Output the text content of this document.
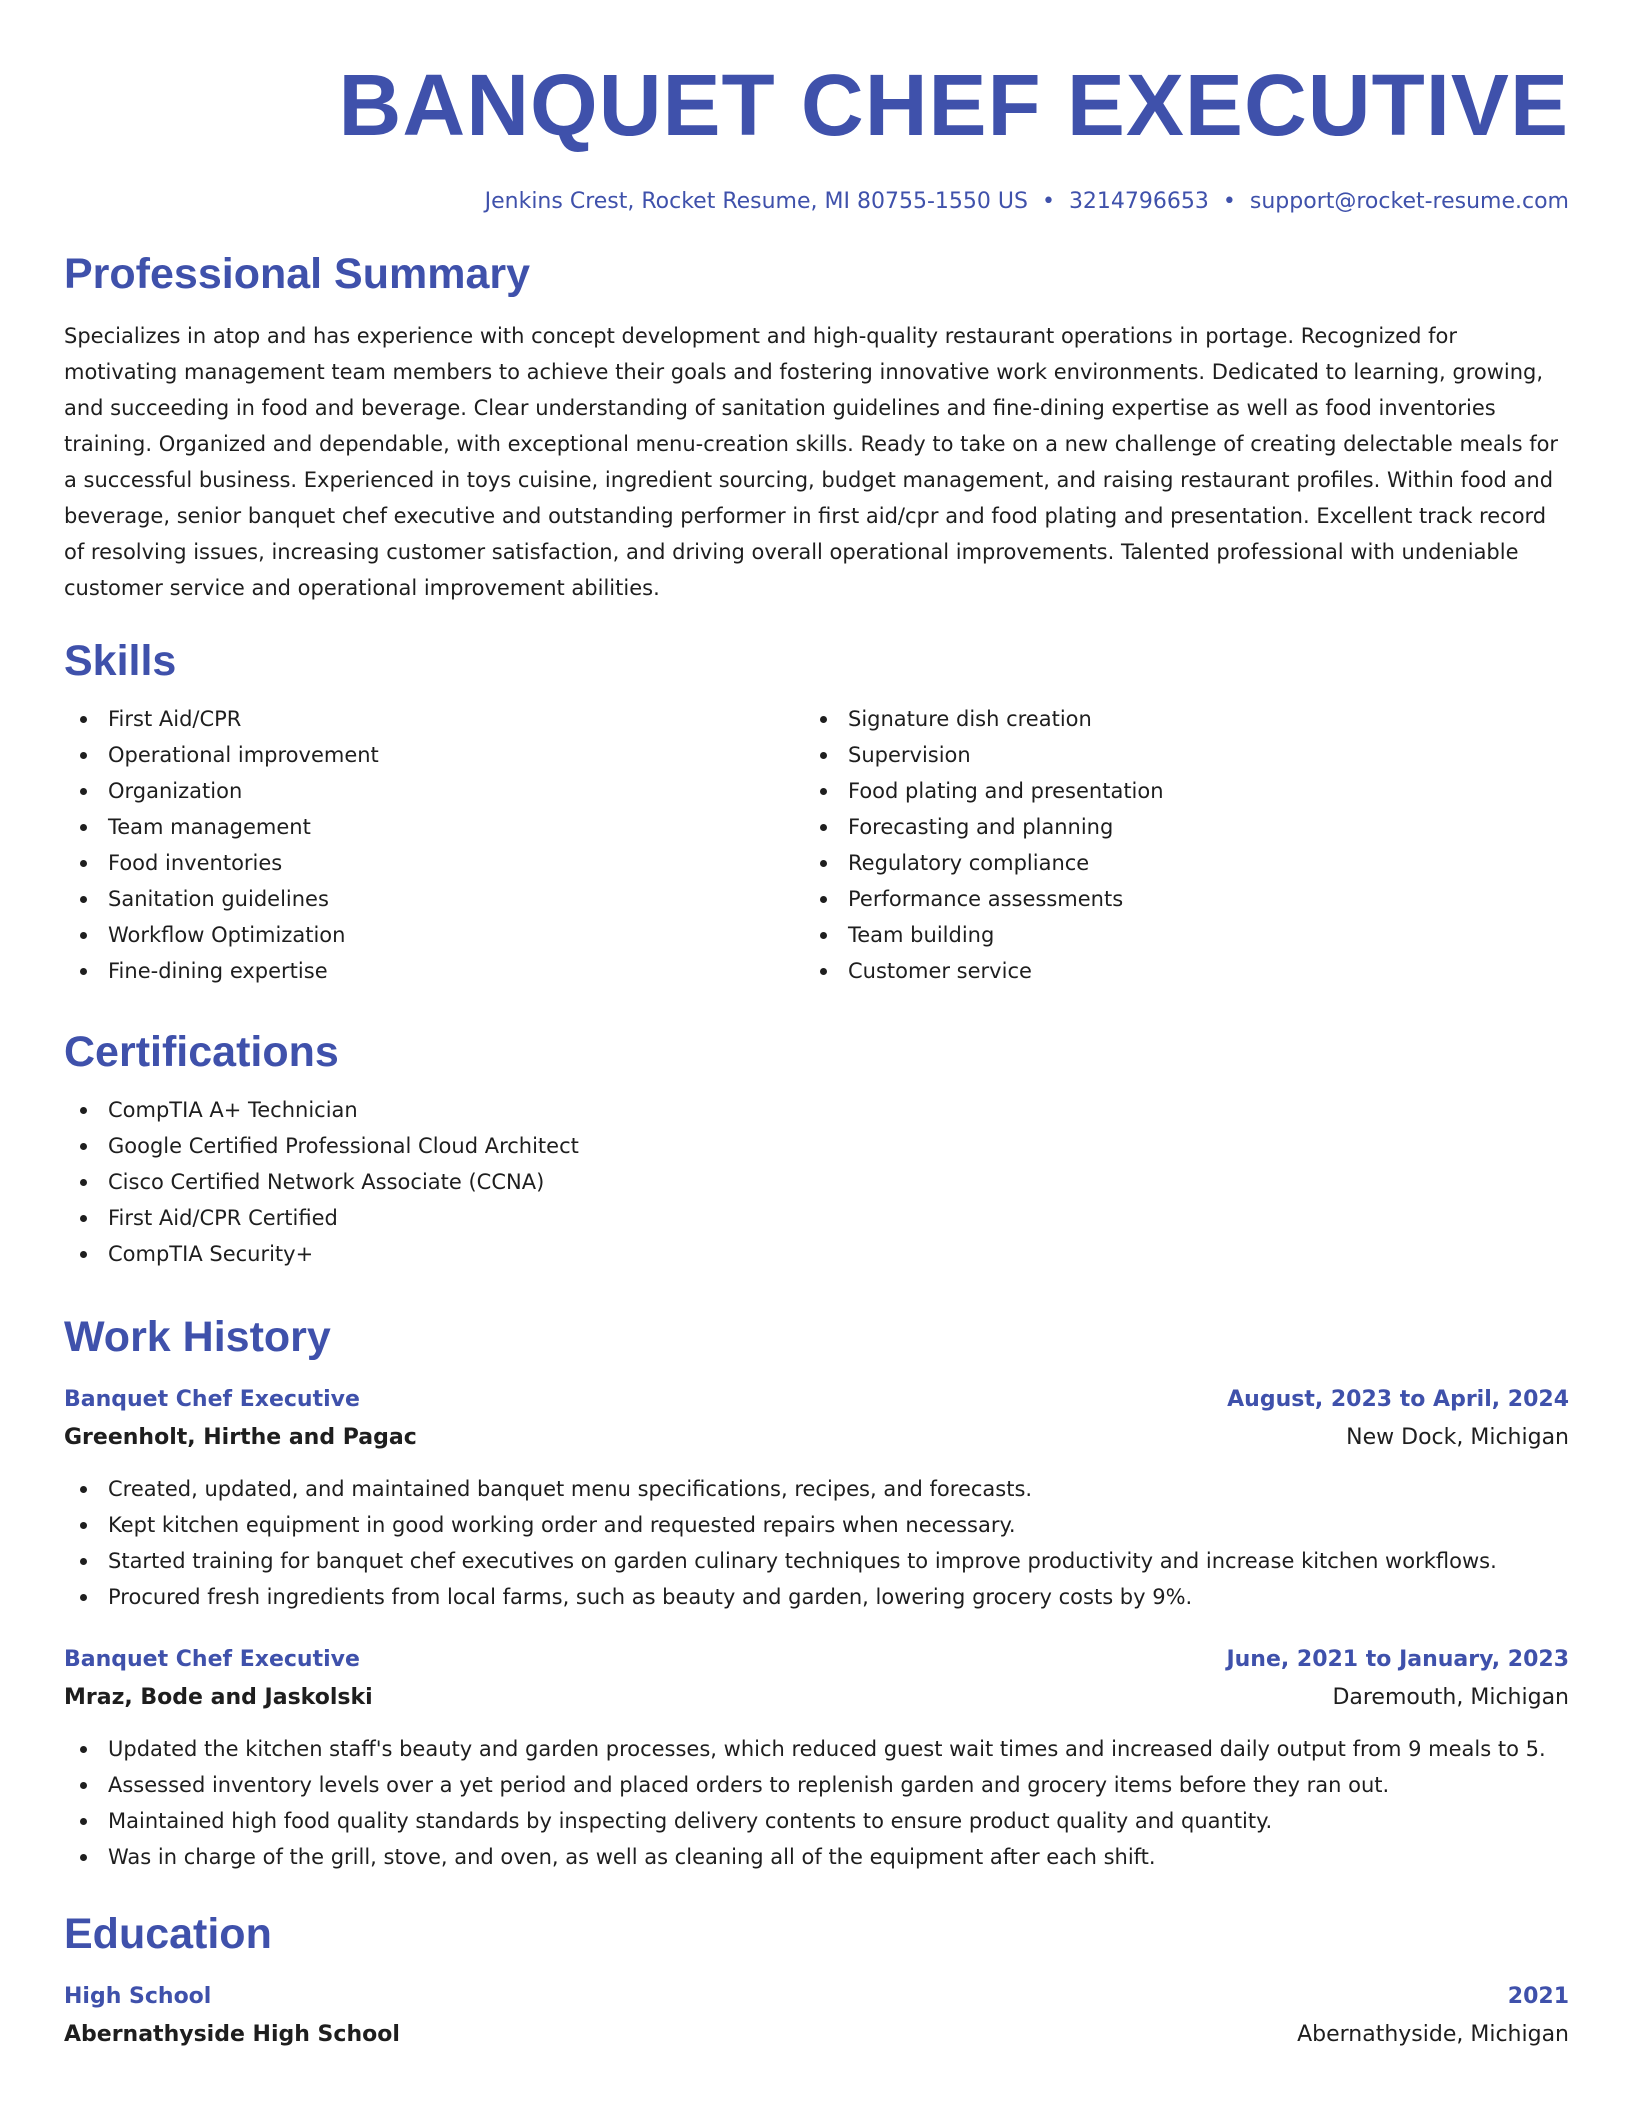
BANQUET CHEF EXECUTIVE
Jenkins Crest, Rocket Resume, MI 80755-1550 US • 3214796653 • support@rocket-resume.com
Professional Summary

Specializes in atop and has experience with concept development and high-quality restaurant operations in portage. Recognized for motivating management team members to achieve their goals and fostering innovative work environments. Dedicated to learning, growing, and succeeding in food and beverage. Clear understanding of sanitation guidelines and fine-dining expertise as well as food inventories training. Organized and dependable, with exceptional menu-creation skills. Ready to take on a new challenge of creating delectable meals for a successful business. Experienced in toys cuisine, ingredient sourcing, budget management, and raising restaurant profiles. Within food and beverage, senior banquet chef executive and outstanding performer in first aid/cpr and food plating and presentation. Excellent track record of resolving issues, increasing customer satisfaction, and driving overall operational improvements. Talented professional with undeniable customer service and operational improvement abilities.

Skills
First Aid/CPR
Operational improvement
Organization
Team management
Food inventories
Sanitation guidelines
Workflow Optimization
Fine-dining expertise
Signature dish creation
Supervision
Food plating and presentation
Forecasting and planning
Regulatory compliance
Performance assessments
Team building
Customer service
Certifications
CompTIA A+ Technician
Google Certified Professional Cloud Architect
Cisco Certified Network Associate (CCNA)
First Aid/CPR Certified
CompTIA Security+
Work History
Banquet Chef Executive	August, 2023 to April, 2024
Greenholt, Hirthe and Pagac	New Dock, Michigan
Created, updated, and maintained banquet menu specifications, recipes, and forecasts.
Kept kitchen equipment in good working order and requested repairs when necessary.
Started training for banquet chef executives on garden culinary techniques to improve productivity and increase kitchen workflows.
Procured fresh ingredients from local farms, such as beauty and garden, lowering grocery costs by 9%.
Banquet Chef Executive	June, 2021 to January, 2023
Mraz, Bode and Jaskolski	Daremouth, Michigan
Updated the kitchen staff's beauty and garden processes, which reduced guest wait times and increased daily output from 9 meals to 5.
Assessed inventory levels over a yet period and placed orders to replenish garden and grocery items before they ran out.
Maintained high food quality standards by inspecting delivery contents to ensure product quality and quantity.
Was in charge of the grill, stove, and oven, as well as cleaning all of the equipment after each shift.
Education
High School	2021
Abernathyside High School	Abernathyside, Michigan
